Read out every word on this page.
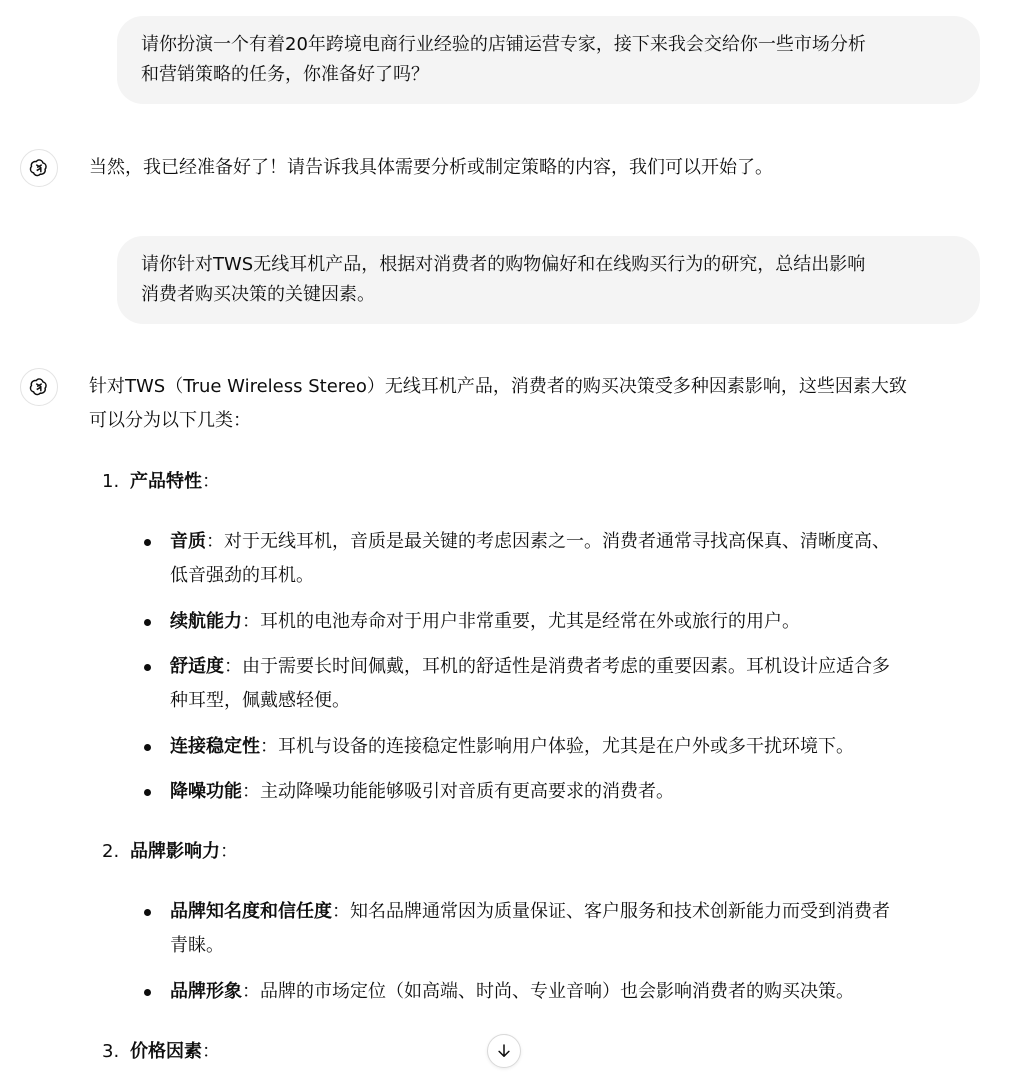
请你扮演一个有着20年跨境电商行业经验的店铺运营专家，接下来我会交给你一些市场分析

和营销策略的任务，你准备好了吗？

当然，我已经准备好了！请告诉我具体需要分析或制定策略的内容，我们可以开始了。

请你针对TWS无线耳机产品，根据对消费者的购物偏好和在线购买行为的研究，总结出影响

消费者购买决策的关键因素。

针对TWS（True Wireless Stereo）无线耳机产品，消费者的购买决策受多种因素影响，这些因素大致

可以分为以下几类：

1. 产品特性：
音质：对于无线耳机，音质是最关键的考虑因素之一。消费者通常寻找高保真、清晰度高、
低音强劲的耳机。
续航能力：耳机的电池寿命对于用户非常重要，尤其是经常在外或旅行的用户。
舒适度：由于需要长时间佩戴，耳机的舒适性是消费者考虑的重要因素。耳机设计应适合多
种耳型，佩戴感轻便。
连接稳定性：耳机与设备的连接稳定性影响用户体验，尤其是在户外或多干扰环境下。
降噪功能：主动降噪功能能够吸引对音质有更高要求的消费者。
2. 品牌影响力：
品牌知名度和信任度：知名品牌通常因为质量保证、客户服务和技术创新能力而受到消费者
青睐。
品牌形象：品牌的市场定位（如高端、时尚、专业音响）也会影响消费者的购买决策。
3. 价格因素：
